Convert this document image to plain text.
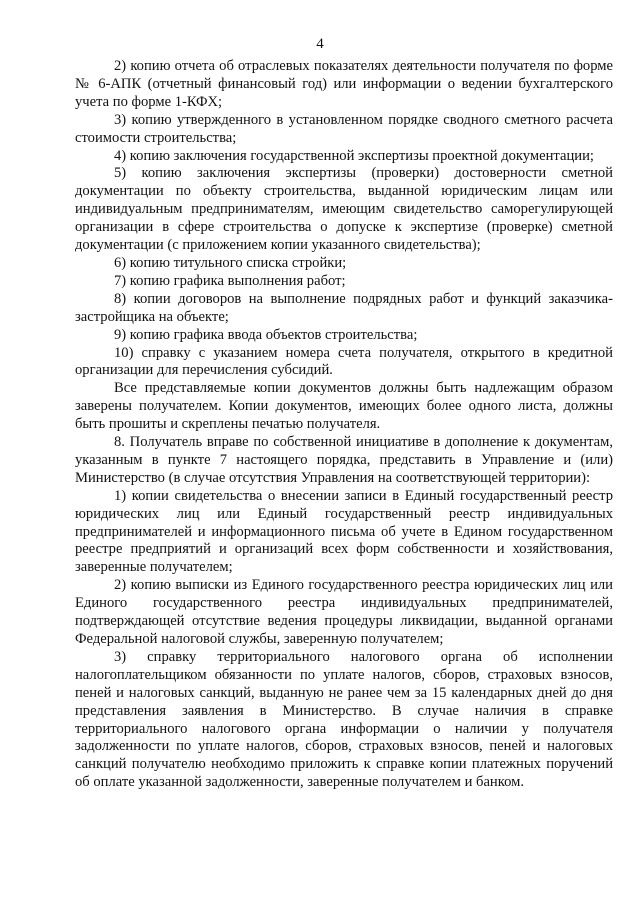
4

2) копию отчета об отраслевых показателях деятельности получателя по форме № 6-АПК (отчетный финансовый год) или информации о ведении бухгалтерского учета по форме 1-КФХ;

3) копию утвержденного в установленном порядке сводного сметного расчета стоимости строительства;

4) копию заключения государственной экспертизы проектной документации;

5) копию заключения экспертизы (проверки) достоверности сметной документации по объекту строительства, выданной юридическим лицам или индивидуальным предпринимателям, имеющим свидетельство саморегулирующей организации в сфере строительства о допуске к экспертизе (проверке) сметной документации (с приложением копии указанного свидетельства);

6) копию титульного списка стройки;

7) копию графика выполнения работ;

8) копии договоров на выполнение подрядных работ и функций заказчика-застройщика на объекте;

9) копию графика ввода объектов строительства;

10) справку с указанием номера счета получателя, открытого в кредитной организации для перечисления субсидий.

Все представляемые копии документов должны быть надлежащим образом заверены получателем. Копии документов, имеющих более одного листа, должны быть прошиты и скреплены печатью получателя.

8. Получатель вправе по собственной инициативе в дополнение к документам, указанным в пункте 7 настоящего порядка, представить в Управление и (или) Министерство (в случае отсутствия Управления на соответствующей территории):

1) копии свидетельства о внесении записи в Единый государственный реестр юридических лиц или Единый государственный реестр индивидуальных предпринимателей и информационного письма об учете в Едином государственном реестре предприятий и организаций всех форм собственности и хозяйствования, заверенные получателем;

2) копию выписки из Единого государственного реестра юридических лиц или Единого государственного реестра индивидуальных предпринимателей, подтверждающей отсутствие ведения процедуры ликвидации, выданной органами Федеральной налоговой службы, заверенную получателем;

3) справку территориального налогового органа об исполнении налогоплательщиком обязанности по уплате налогов, сборов, страховых взносов, пеней и налоговых санкций, выданную не ранее чем за 15 календарных дней до дня представления заявления в Министерство. В случае наличия в справке территориального налогового органа информации о наличии у получателя задолженности по уплате налогов, сборов, страховых взносов, пеней и налоговых санкций получателю необходимо приложить к справке копии платежных поручений об оплате указанной задолженности, заверенные получателем и банком.
